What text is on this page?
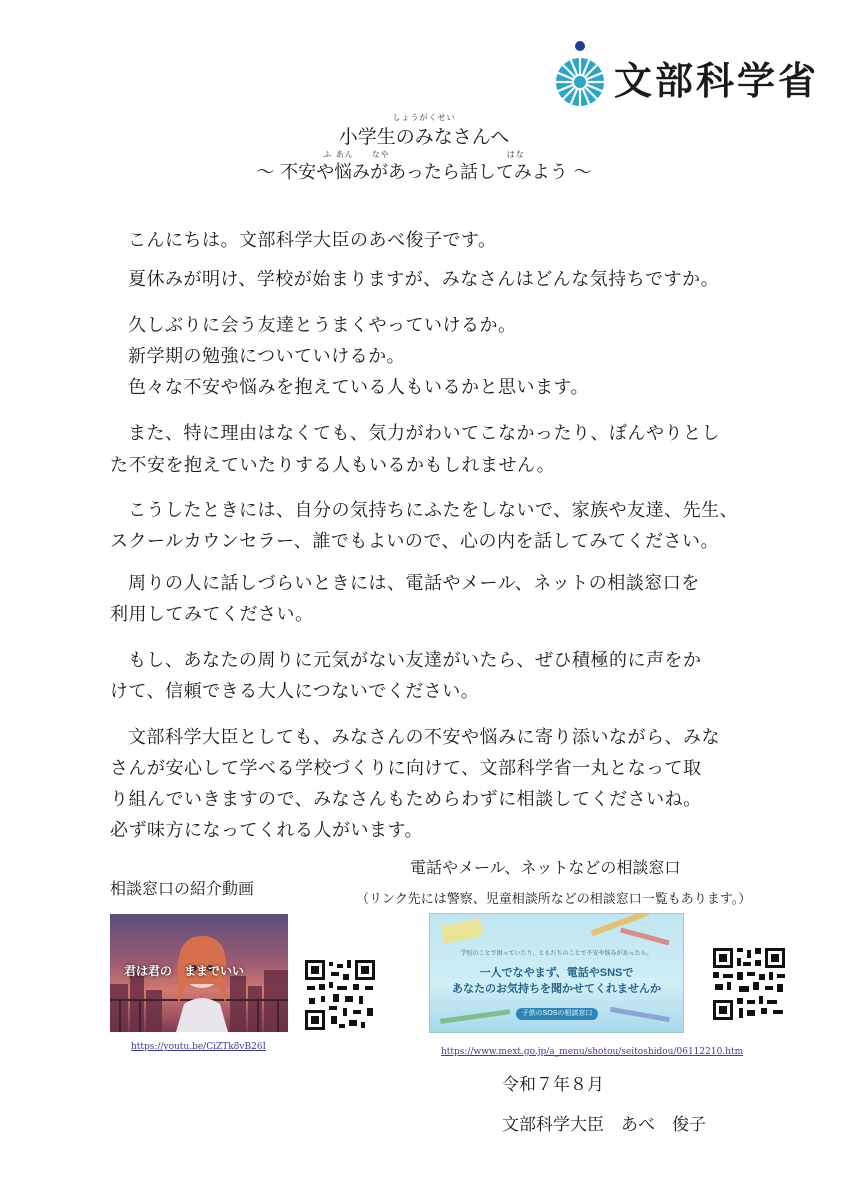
文部科学省
しょうがくせい
小学生のみなさんへ
ふ あん　　なや　　　　　　　　　　　　　はな
～ 不安や悩みがあったら話してみよう ～
こんにちは。文部科学大臣のあべ俊子です。
夏休みが明け、学校が始まりますが、みなさんはどんな気持ちですか。
久しぶりに会う友達とうまくやっていけるか。
新学期の勉強についていけるか。
色々な不安や悩みを抱えている人もいるかと思います。
また、特に理由はなくても、気力がわいてこなかったり、ぼんやりとし
た不安を抱えていたりする人もいるかもしれません。
こうしたときには、自分の気持ちにふたをしないで、家族や友達、先生、
スクールカウンセラー、誰でもよいので、心の内を話してみてください。
周りの人に話しづらいときには、電話やメール、ネットの相談窓口を
利用してみてください。
もし、あなたの周りに元気がない友達がいたら、ぜひ積極的に声をか
けて、信頼できる大人につないでください。
文部科学大臣としても、みなさんの不安や悩みに寄り添いながら、みな
さんが安心して学べる学校づくりに向けて、文部科学省一丸となって取
り組んでいきますので、みなさんもためらわずに相談してくださいね。
必ず味方になってくれる人がいます。
電話やメール、ネットなどの相談窓口
（リンク先には警察、児童相談所などの相談窓口一覧もあります。）
相談窓口の紹介動画
君は君の　ままでいい
https://youtu.be/CiZTk8vB26I
学校のことで困っていたり、ともだちのことで不安や悩みがあったら。
一人でなやまず、電話やSNSで
あなたのお気持ちを聞かせてくれませんか
子供のSOSの相談窓口
https://www.mext.go.jp/a_menu/shotou/seitoshidou/06112210.htm
令和７年８月
文部科学大臣　あべ　俊子
